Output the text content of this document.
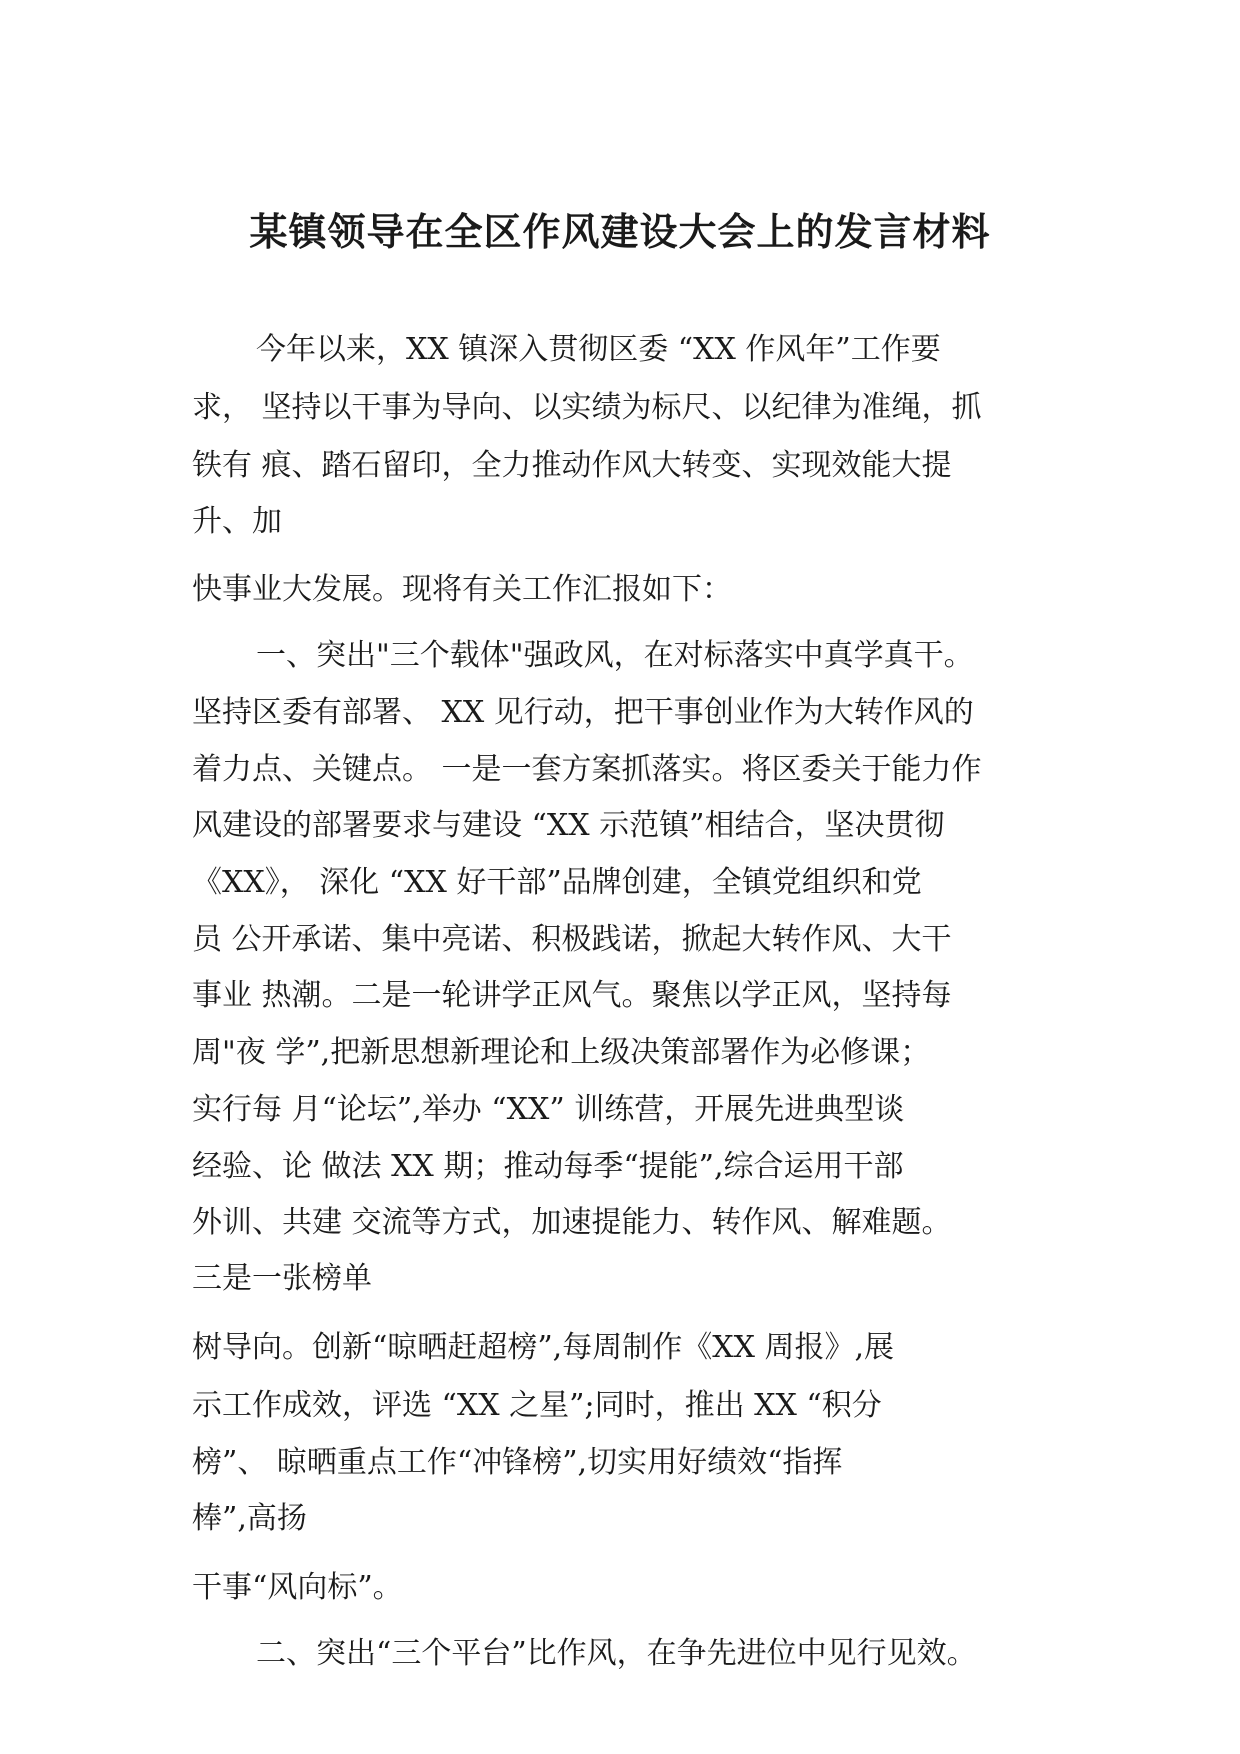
某镇领导在全区作风建设大会上的发言材料

今年以来，XX 镇深入贯彻区委 “XX 作风年”工作要

求， 坚持以干事为导向、以实绩为标尺、以纪律为准绳，抓

铁有 痕、踏石留印，全力推动作风大转变、实现效能大提

升、加

快事业大发展。现将有关工作汇报如下：

一、突出"三个载体"强政风，在对标落实中真学真干。

坚持区委有部署、 XX 见行动，把干事创业作为大转作风的

着力点、关键点。 一是一套方案抓落实。将区委关于能力作

风建设的部署要求与建设 “XX 示范镇”相结合，坚决贯彻

《XX》， 深化 “XX 好干部”品牌创建，全镇党组织和党

员 公开承诺、集中亮诺、积极践诺，掀起大转作风、大干

事业 热潮。二是一轮讲学正风气。聚焦以学正风，坚持每

周"夜 学”,把新思想新理论和上级决策部署作为必修课；

实行每 月“论坛”,举办 “XX” 训练营，开展先进典型谈

经验、论 做法 XX 期；推动每季“提能”,综合运用干部

外训、共建 交流等方式，加速提能力、转作风、解难题。

三是一张榜单

树导向。创新“晾晒赶超榜”,每周制作《XX 周报》,展

示工作成效，评选 “XX 之星”;同时，推出 XX “积分

榜”、 晾晒重点工作“冲锋榜”,切实用好绩效“指挥

棒”,高扬

干事“风向标”。

二、突出“三个平台”比作风，在争先进位中见行见效。
